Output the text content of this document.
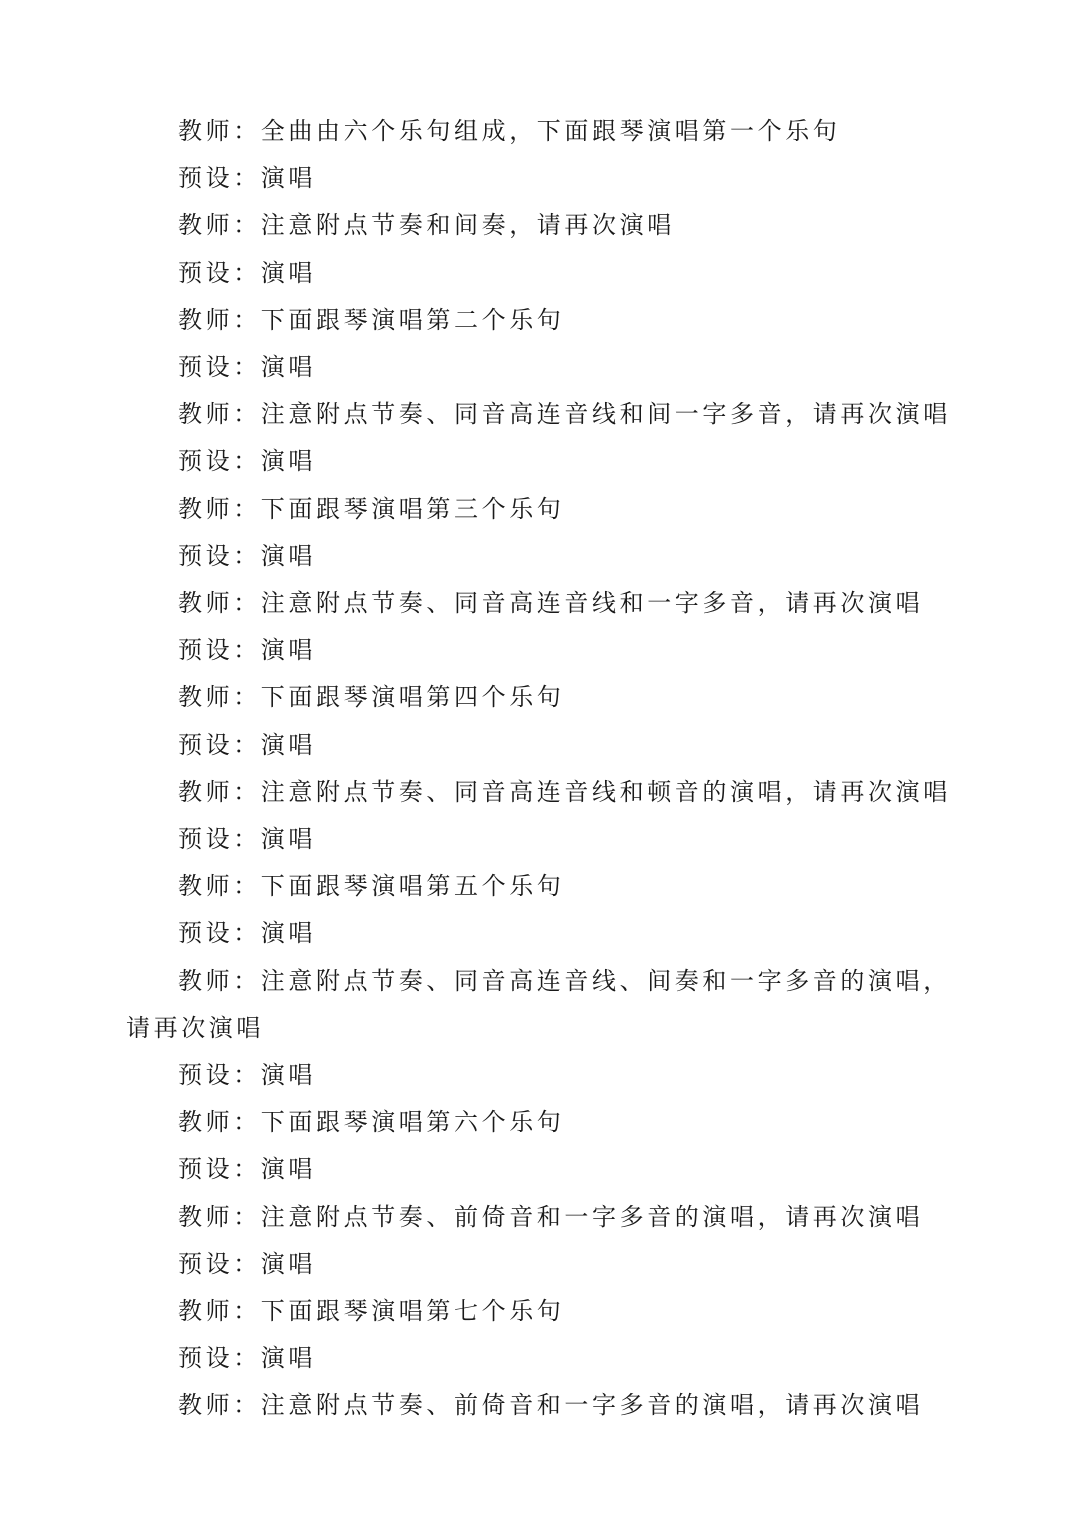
教师：全曲由六个乐句组成，下面跟琴演唱第一个乐句

预设：演唱

教师：注意附点节奏和间奏，请再次演唱

预设：演唱

教师：下面跟琴演唱第二个乐句

预设：演唱

教师：注意附点节奏、同音高连音线和间一字多音，请再次演唱

预设：演唱

教师：下面跟琴演唱第三个乐句

预设：演唱

教师：注意附点节奏、同音高连音线和一字多音，请再次演唱

预设：演唱

教师：下面跟琴演唱第四个乐句

预设：演唱

教师：注意附点节奏、同音高连音线和顿音的演唱，请再次演唱

预设：演唱

教师：下面跟琴演唱第五个乐句

预设：演唱

教师：注意附点节奏、同音高连音线、间奏和一字多音的演唱，请再次演唱

预设：演唱

教师：下面跟琴演唱第六个乐句

预设：演唱

教师：注意附点节奏、前倚音和一字多音的演唱，请再次演唱

预设：演唱

教师：下面跟琴演唱第七个乐句

预设：演唱

教师：注意附点节奏、前倚音和一字多音的演唱，请再次演唱
